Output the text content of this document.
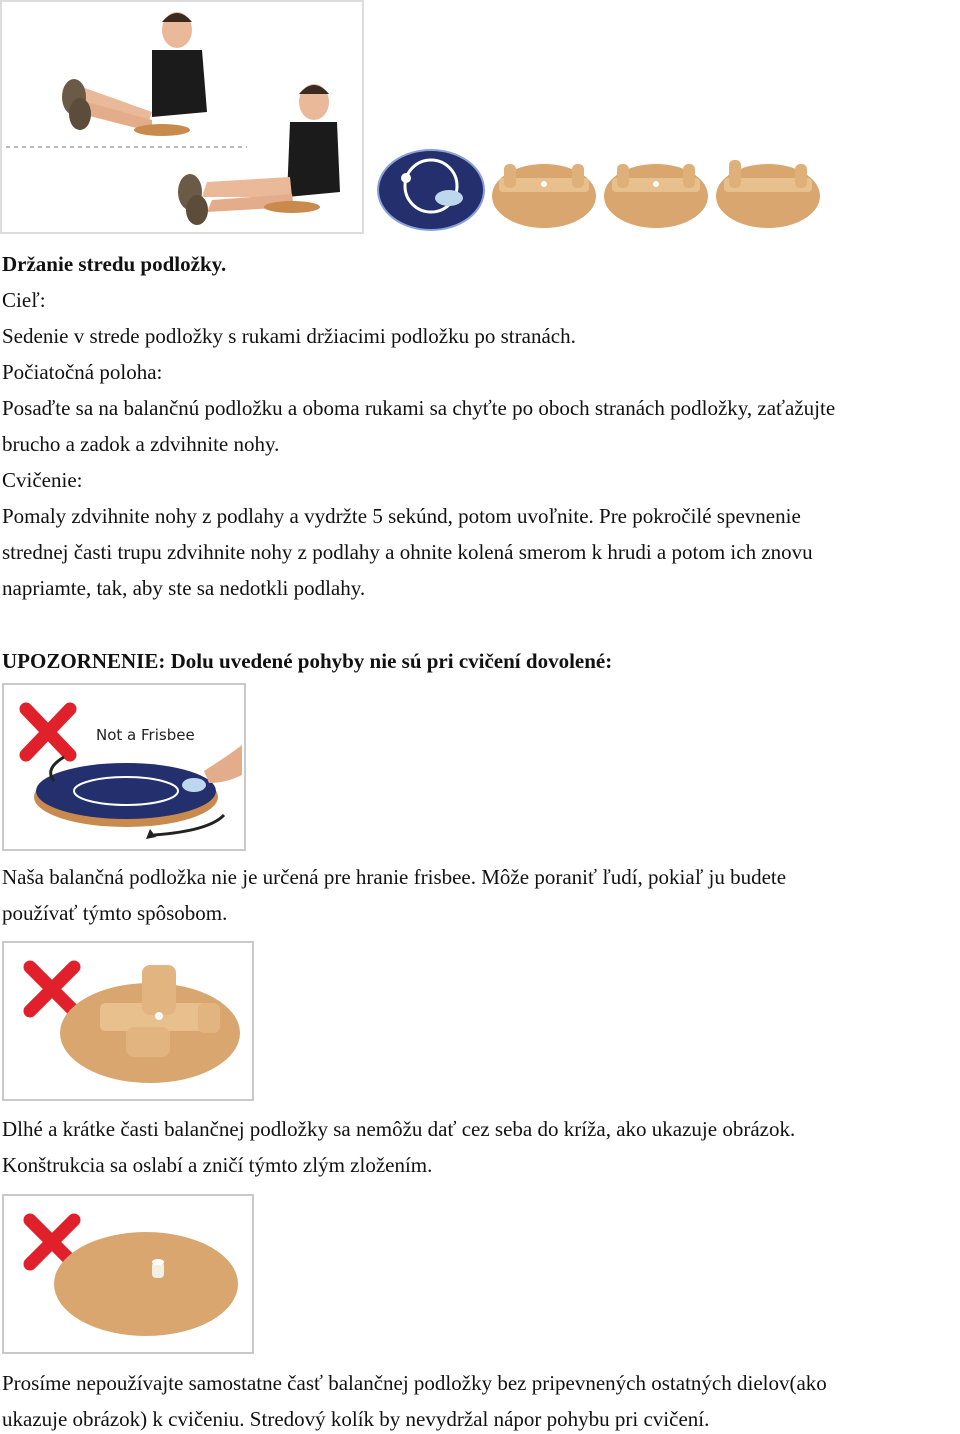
Držanie stredu podložky.
Cieľ:
Sedenie v strede podložky s rukami držiacimi podložku po stranách.
Počiatočná poloha:
Posaďte sa na balančnú podložku a oboma rukami sa chyťte po oboch stranách podložky, zaťažujte
brucho a zadok a zdvihnite nohy.
Cvičenie:
Pomaly zdvihnite nohy z podlahy a vydržte 5 sekúnd, potom uvoľnite. Pre pokročilé spevnenie
strednej časti trupu zdvihnite nohy z podlahy a ohnite kolená smerom k hrudi a potom ich znovu
napriamte, tak, aby ste sa nedotkli podlahy.
UPOZORNENIE: Dolu uvedené pohyby nie sú pri cvičení dovolené:
Not a Frisbee
Naša balančná podložka nie je určená pre hranie frisbee. Môže poraniť ľudí, pokiaľ ju budete
používať týmto spôsobom.
Dlhé a krátke časti balančnej podložky sa nemôžu dať cez seba do kríža, ako ukazuje obrázok.
Konštrukcia sa oslabí a zničí týmto zlým zložením.
Prosíme nepoužívajte samostatne časť balančnej podložky bez pripevnených ostatných dielov(ako
ukazuje obrázok) k cvičeniu. Stredový kolík by nevydržal nápor pohybu pri cvičení.
